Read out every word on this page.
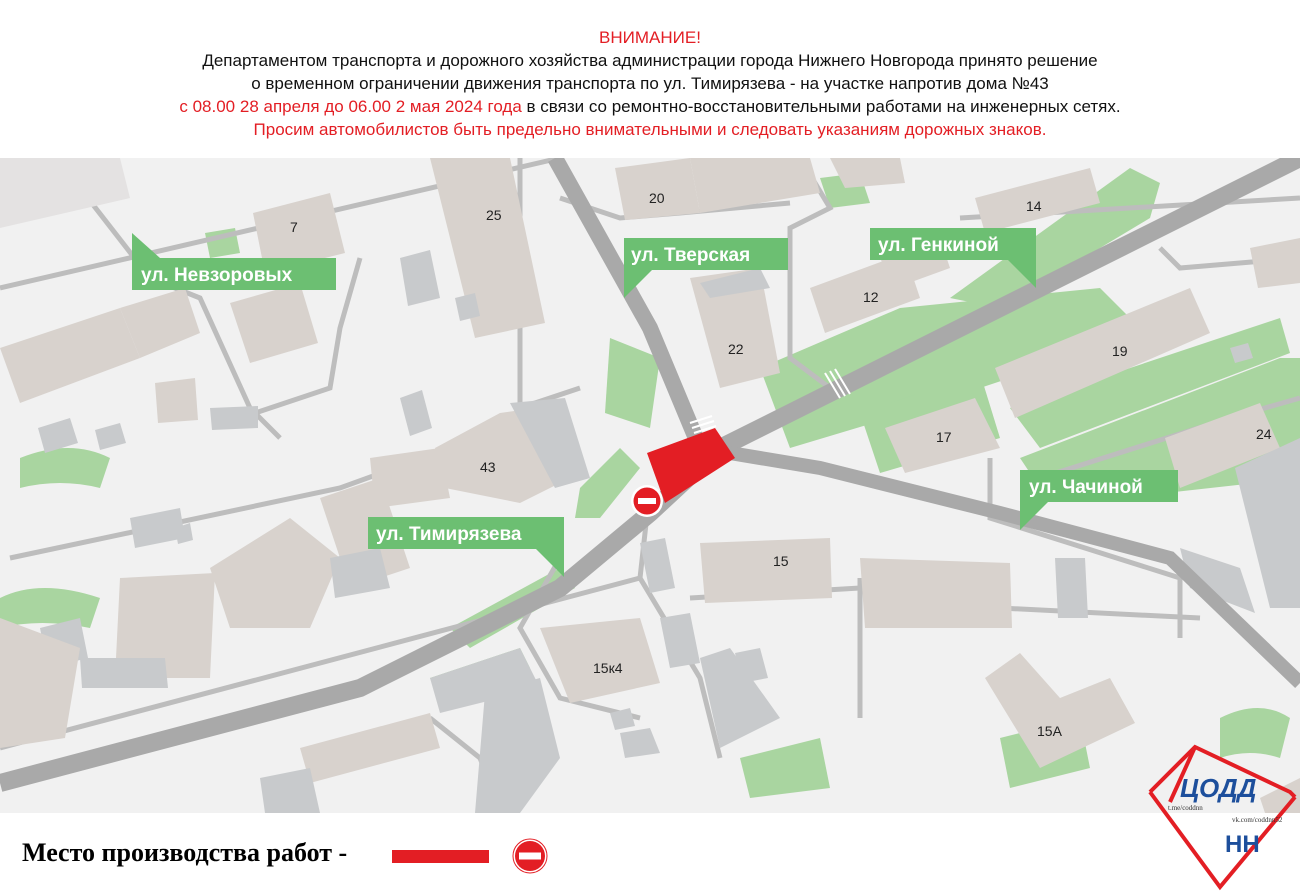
ВНИМАНИЕ!
Департаментом транспорта и дорожного хозяйства администрации города Нижнего Новгорода принято решение
о временном ограничении движения транспорта по ул. Тимирязева - на участке напротив дома №43
с 08.00 28 апреля до 06.00 2 мая 2024 года в связи со ремонтно-восстановительными работами на инженерных сетях.
Просим автомобилистов быть предельно внимательными и следовать указаниям дорожных знаков.
ул. Невзоровых
ул. Тверская	ул. Генкиной
ул. Тимирязева
ул. Чачиной
7
25
20	14
12
22	19
43
17	24
15
15к4
15А
Место производства работ -
ЦОДД
НН
t.me/coddnn
vk.com/coddnn52
